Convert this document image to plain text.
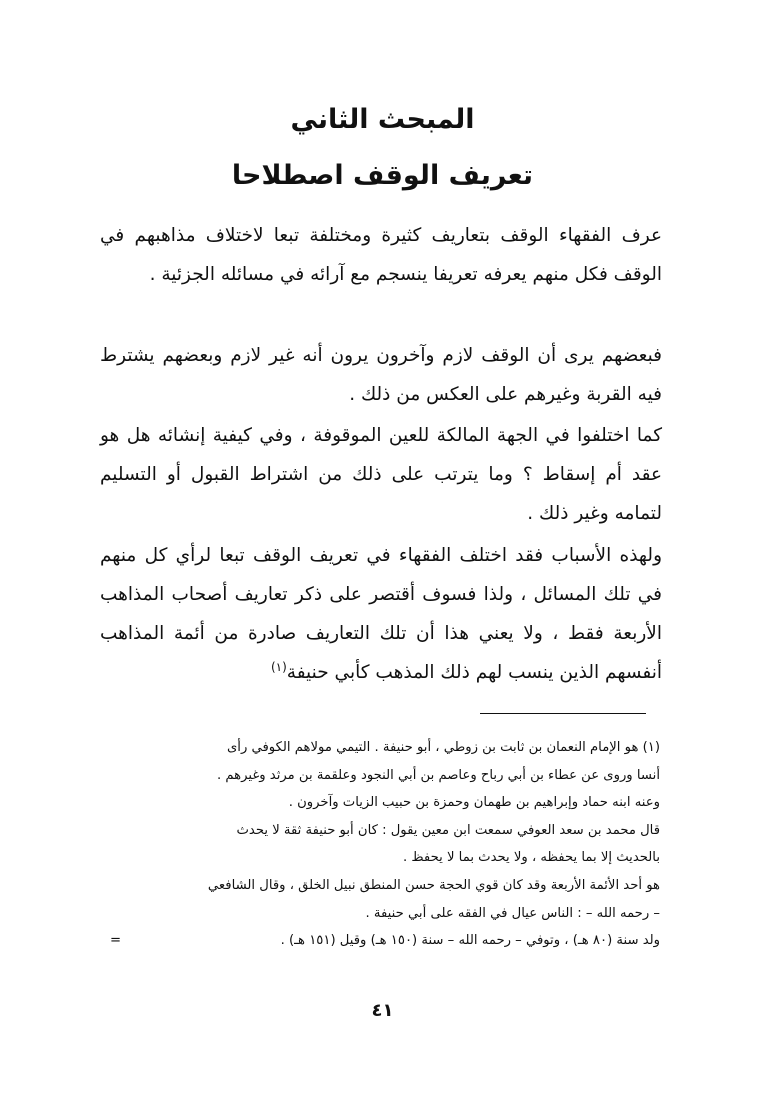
المبحث الثاني
تعريف الوقف اصطلاحا
عرف الفقهاء الوقف بتعاريف كثيرة ومختلفة تبعا لاختلاف مذاهبهم في الوقف فكل منهم يعرفه تعريفا ينسجم مع آرائه في مسائله الجزئية .
فبعضهم يرى أن الوقف لازم وآخرون يرون أنه غير لازم وبعضهم يشترط فيه القربة وغيرهم على العكس من ذلك .
كما اختلفوا في الجهة المالكة للعين الموقوفة ، وفي كيفية إنشائه هل هو عقد أم إسقاط ؟ وما يترتب على ذلك من اشتراط القبول أو التسليم لتمامه وغير ذلك .
ولهذه الأسباب فقد اختلف الفقهاء في تعريف الوقف تبعا لرأي كل منهم في تلك المسائل ، ولذا فسوف أقتصر على ذكر تعاريف أصحاب المذاهب الأربعة فقط ، ولا يعني هذا أن تلك التعاريف صادرة من أئمة المذاهب أنفسهم الذين ينسب لهم ذلك المذهب كأبي حنيفة$^{(١)}$
(١) هو الإمام النعمان بن ثابت بن زوطي ، أبو حنيفة . التيمي مولاهم الكوفي رأى
أنسا وروى عن عطاء بن أبي رباح وعاصم بن أبي النجود وعلقمة بن مرثد وغيرهم .
وعنه ابنه حماد وإبراهيم بن طهمان وحمزة بن حبيب الزيات وآخرون .
قال محمد بن سعد العوفي سمعت ابن معين يقول : كان أبو حنيفة ثقة لا يحدث
بالحديث إلا بما يحفظه ، ولا يحدث بما لا يحفظ .
هو أحد الأئمة الأربعة وقد كان قوي الحجة حسن المنطق نبيل الخلق ، وقال الشافعي
– رحمه الله – : الناس عيال في الفقه على أبي حنيفة .
ولد سنة (٨٠ هـ) ، وتوفي – رحمه الله – سنة (١٥٠ هـ) وقيل (١٥١ هـ) .
=
٤١
